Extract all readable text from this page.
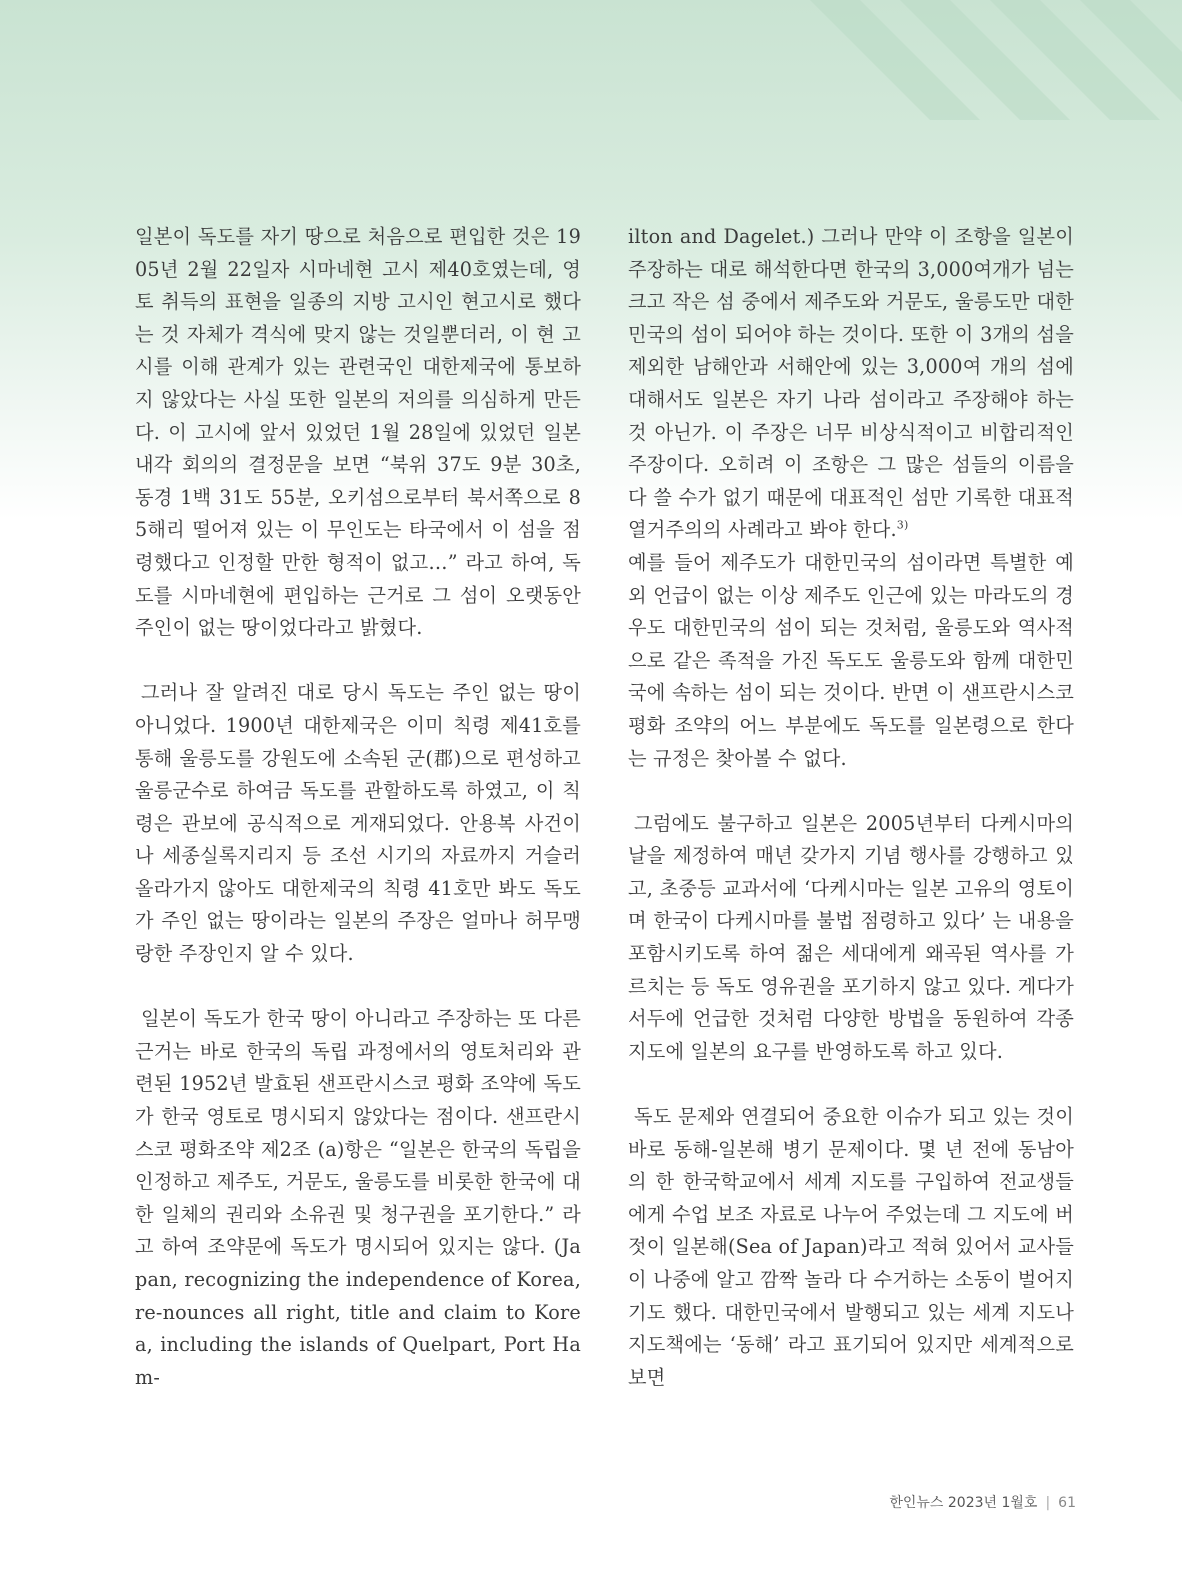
일본이 독도를 자기 땅으로 처음으로 편입한 것은 1905년 2월 22일자 시마네현 고시 제40호였는데, 영토 취득의 표현을 일종의 지방 고시인 현고시로 했다는 것 자체가 격식에 맞지 않는 것일뿐더러, 이 현 고시를 이해 관계가 있는 관련국인 대한제국에 통보하지 않았다는 사실 또한 일본의 저의를 의심하게 만든다. 이 고시에 앞서 있었던 1월 28일에 있었던 일본 내각 회의의 결정문을 보면 “북위 37도 9분 30초, 동경 1백 31도 55분, 오키섬으로부터 북서쪽으로 85해리 떨어져 있는 이 무인도는 타국에서 이 섬을 점령했다고 인정할 만한 형적이 없고…” 라고 하여, 독도를 시마네현에 편입하는 근거로 그 섬이 오랫동안 주인이 없는 땅이었다라고 밝혔다.

그러나 잘 알려진 대로 당시 독도는 주인 없는 땅이 아니었다. 1900년 대한제국은 이미 칙령 제41호를 통해 울릉도를 강원도에 소속된 군(郡)으로 편성하고 울릉군수로 하여금 독도를 관할하도록 하였고, 이 칙령은 관보에 공식적으로 게재되었다. 안용복 사건이나 세종실록지리지 등 조선 시기의 자료까지 거슬러 올라가지 않아도 대한제국의 칙령 41호만 봐도 독도가 주인 없는 땅이라는 일본의 주장은 얼마나 허무맹랑한 주장인지 알 수 있다.

일본이 독도가 한국 땅이 아니라고 주장하는 또 다른 근거는 바로 한국의 독립 과정에서의 영토처리와 관련된 1952년 발효된 샌프란시스코 평화 조약에 독도가 한국 영토로 명시되지 않았다는 점이다. 샌프란시스코 평화조약 제2조 (a)항은 “일본은 한국의 독립을 인정하고 제주도, 거문도, 울릉도를 비롯한 한국에 대한 일체의 권리와 소유권 및 청구권을 포기한다.” 라고 하여 조약문에 독도가 명시되어 있지는 않다. (Japan, recognizing the independence of Korea, re-nounces all right, title and claim to Korea, including the islands of Quelpart, Port Ham-

ilton and Dagelet.) 그러나 만약 이 조항을 일본이 주장하는 대로 해석한다면 한국의 3,000여개가 넘는 크고 작은 섬 중에서 제주도와 거문도, 울릉도만 대한민국의 섬이 되어야 하는 것이다. 또한 이 3개의 섬을 제외한 남해안과 서해안에 있는 3,000여 개의 섬에 대해서도 일본은 자기 나라 섬이라고 주장해야 하는 것 아닌가. 이 주장은 너무 비상식적이고 비합리적인 주장이다. 오히려 이 조항은 그 많은 섬들의 이름을 다 쓸 수가 없기 때문에 대표적인 섬만 기록한 대표적 열거주의의 사례라고 봐야 한다.$^{3)}$

예를 들어 제주도가 대한민국의 섬이라면 특별한 예외 언급이 없는 이상 제주도 인근에 있는 마라도의 경우도 대한민국의 섬이 되는 것처럼, 울릉도와 역사적으로 같은 족적을 가진 독도도 울릉도와 함께 대한민국에 속하는 섬이 되는 것이다. 반면 이 샌프란시스코 평화 조약의 어느 부분에도 독도를 일본령으로 한다는 규정은 찾아볼 수 없다.

그럼에도 불구하고 일본은 2005년부터 다케시마의 날을 제정하여 매년 갖가지 기념 행사를 강행하고 있고, 초중등 교과서에 ‘다케시마는 일본 고유의 영토이며 한국이 다케시마를 불법 점령하고 있다’ 는 내용을 포함시키도록 하여 젊은 세대에게 왜곡된 역사를 가르치는 등 독도 영유권을 포기하지 않고 있다. 게다가 서두에 언급한 것처럼 다양한 방법을 동원하여 각종 지도에 일본의 요구를 반영하도록 하고 있다.

독도 문제와 연결되어 중요한 이슈가 되고 있는 것이 바로 동해-일본해 병기 문제이다. 몇 년 전에 동남아의 한 한국학교에서 세계 지도를 구입하여 전교생들에게 수업 보조 자료로 나누어 주었는데 그 지도에 버젓이 일본해(Sea of Japan)라고 적혀 있어서 교사들이 나중에 알고 깜짝 놀라 다 수거하는 소동이 벌어지기도 했다. 대한민국에서 발행되고 있는 세계 지도나 지도책에는 ‘동해’ 라고 표기되어 있지만 세계적으로 보면

한인뉴스 2023년 1월호 | 61
